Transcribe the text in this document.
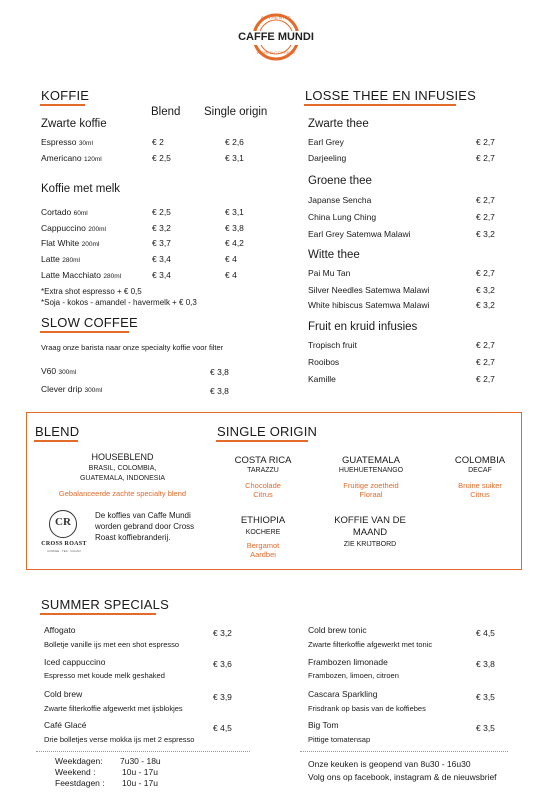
AUTHENTIC
CAFFE MUNDI
WORLD COFFEES
KOFFIE
Blend Single origin
Zwarte koffie
Espresso 30ml	€ 2	€ 2,6
Americano 120ml	€ 2,5	€ 3,1
Koffie met melk
Cortado 60ml	€ 2,5	€ 3,1
Cappuccino 200ml	€ 3,2	€ 3,8
Flat White 200ml	€ 3,7	€ 4,2
Latte 280ml	€ 3,4	€ 4
Latte Macchiato 280ml	€ 3,4	€ 4
*Extra shot espresso + € 0,5
*Soja - kokos - amandel - havermelk + € 0,3
SLOW COFFEE
Vraag onze barista naar onze specialty koffie voor filter
V60 300ml	€ 3,8
Clever drip 300ml	€ 3,8
LOSSE THEE EN INFUSIES
Zwarte thee
Earl Grey	€ 2,7
Darjeeling	€ 2,7
Groene thee
Japanse Sencha	€ 2,7
China Lung Ching	€ 2,7
Earl Grey Satemwa Malawi	€ 3,2
Witte thee
Pai Mu Tan	€ 2,7
Silver Needles Satemwa Malawi	€ 3,2
White hibiscus Satemwa Malawi	€ 3,2
Fruit en kruid infusies
Tropisch fruit	€ 2,7
Rooibos	€ 2,7
Kamille	€ 2,7
BLEND
HOUSEBLEND
BRASIL, COLOMBIA,
GUATEMALA, INDONESIA
Gebalanceerde zachte specialty blend
CR
CROSS ROAST
COFFEE · TEA · CACAO
De koffies van Caffe Mundi worden gebrand door Cross Roast koffiebranderij.
SINGLE ORIGIN
COSTA RICA
TARAZZU
Chocolade
Citrus
GUATEMALA
HUEHUETENANGO
Fruitige zoetheid
Floraal
COLOMBIA
DECAF
Bruine suiker
Citrus
ETHIOPIA
KOCHERE
Bergamot
Aardbei
KOFFIE VAN DE MAAND
ZIE KRIJTBORD
SUMMER SPECIALS
Affogato
Bolletje vanille ijs met een shot espresso
€ 3,2
Iced cappuccino
Espresso met koude melk geshaked
€ 3,6
Cold brew
Zwarte filterkoffie afgewerkt met ijsblokjes
€ 3,9
Café Glacé
Drie bolletjes verse mokka ijs met 2 espresso
€ 4,5
Cold brew tonic
Zwarte filterkoffie afgewerkt met tonic
€ 4,5
Frambozen limonade
Frambozen, limoen, citroen
€ 3,8
Cascara Sparkling
Frisdrank op basis van de koffiebes
€ 3,5
Big Tom
Pittige tomatensap
€ 3,5
Weekdagen: 7u30 - 18u
Weekend :	10u - 17u
Feestdagen : 10u - 17u
Onze keuken is geopend van 8u30 - 16u30
Volg ons op facebook, instagram & de nieuwsbrief
